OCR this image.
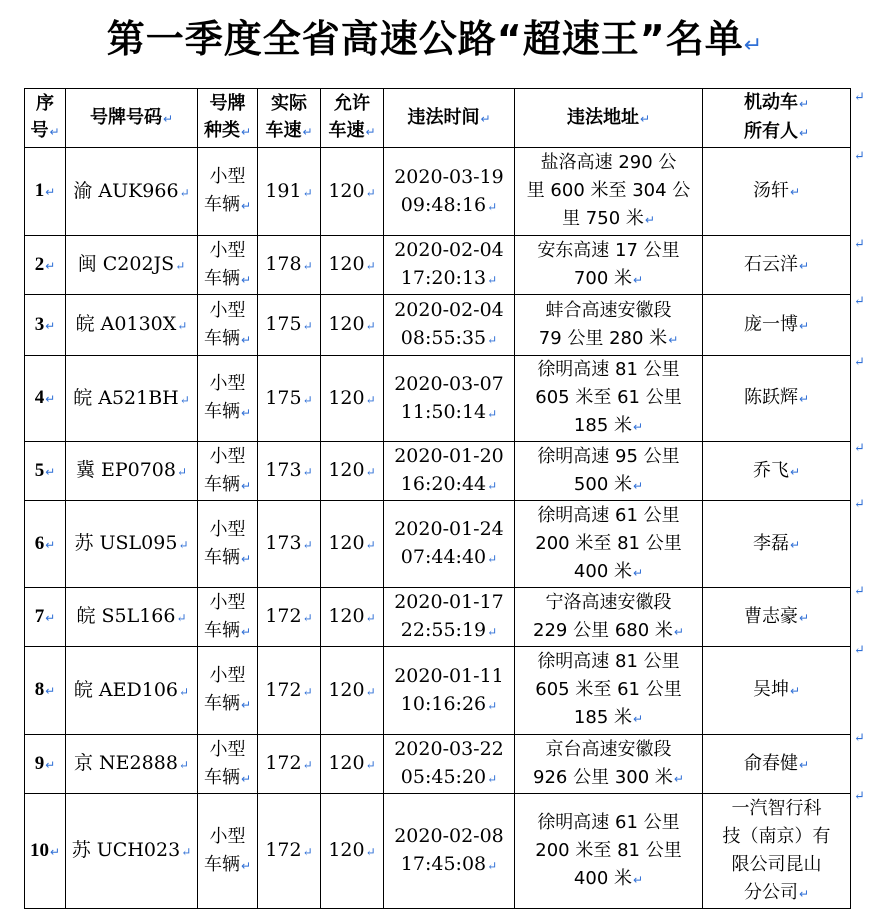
第一季度全省高速公路“超速王”名单↵
序
号↵	号牌号码↵	号牌
种类↵	实际
车速↵	允许
车速↵	违法时间↵	违法地址↵	机动车↵
所有人↵
1↵	渝 AUK966↵	小型
车辆↵	191↵	120↵	2020-03-19
09:48:16↵	盐洛高速 290 公
里 600 米至 304 公
里 750 米↵	汤轩↵
2↵	闽 C202JS↵	小型
车辆↵	178↵	120↵	2020-02-04
17:20:13↵	安东高速 17 公里
700 米↵	石云洋↵
3↵	皖 A0130X↵	小型
车辆↵	175↵	120↵	2020-02-04
08:55:35↵	蚌合高速安徽段
79 公里 280 米↵	庞一博↵
4↵	皖 A521BH↵	小型
车辆↵	175↵	120↵	2020-03-07
11:50:14↵	徐明高速 81 公里
605 米至 61 公里
185 米↵	陈跃辉↵
5↵	冀 EP0708↵	小型
车辆↵	173↵	120↵	2020-01-20
16:20:44↵	徐明高速 95 公里
500 米↵	乔飞↵
6↵	苏 USL095↵	小型
车辆↵	173↵	120↵	2020-01-24
07:44:40↵	徐明高速 61 公里
200 米至 81 公里
400 米↵	李磊↵
7↵	皖 S5L166↵	小型
车辆↵	172↵	120↵	2020-01-17
22:55:19↵	宁洛高速安徽段
229 公里 680 米↵	曹志豪↵
8↵	皖 AED106↵	小型
车辆↵	172↵	120↵	2020-01-11
10:16:26↵	徐明高速 81 公里
605 米至 61 公里
185 米↵	吴坤↵
9↵	京 NE2888↵	小型
车辆↵	172↵	120↵	2020-03-22
05:45:20↵	京台高速安徽段
926 公里 300 米↵	俞春健↵
10↵	苏 UCH023↵	小型
车辆↵	172↵	120↵	2020-02-08
17:45:08↵	徐明高速 61 公里
200 米至 81 公里
400 米↵	一汽智行科
技（南京）有
限公司昆山
分公司↵
↵
↵
↵
↵
↵
↵
↵
↵
↵
↵
↵
